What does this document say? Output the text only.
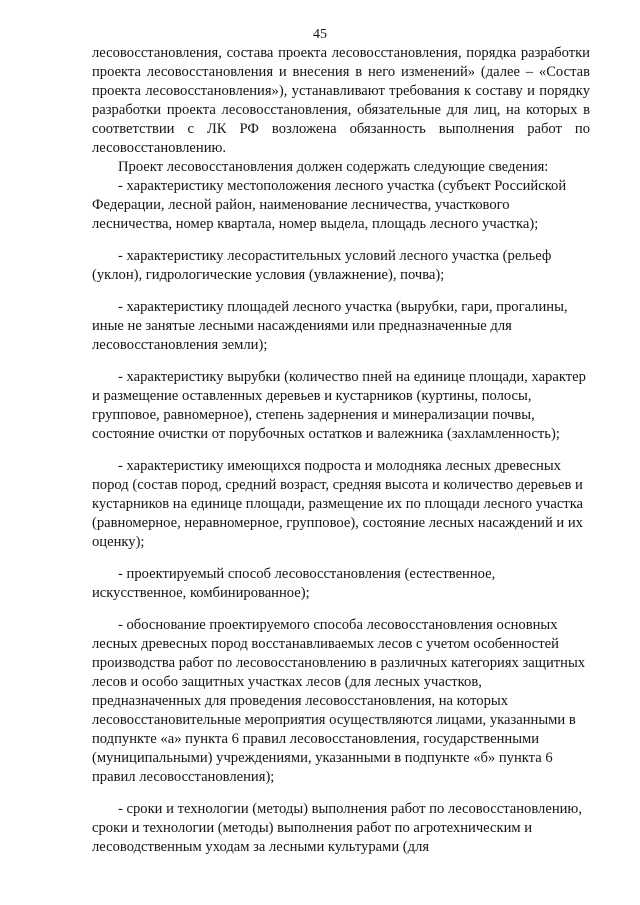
45

лесовосстановления, состава проекта лесовосстановления, порядка разработки проекта лесовосстановления и внесения в него изменений» (далее – «Состав проекта лесовосстановления»), устанавливают требования к составу и порядку разработки проекта лесовосстановления, обязательные для лиц, на которых в соответствии с ЛК РФ возложена обязанность выполнения работ по лесовосстановлению.

Проект лесовосстановления должен содержать следующие сведения:

- характеристику местоположения лесного участка (субъект Российской Федерации, лесной район, наименование лесничества, участкового лесничества, номер квартала, номер выдела, площадь лесного участка);

- характеристику лесорастительных условий лесного участка (рельеф (уклон), гидрологические условия (увлажнение), почва);

- характеристику площадей лесного участка (вырубки, гари, прогалины, иные не занятые лесными насаждениями или предназначенные для лесовосстановления земли);

- характеристику вырубки (количество пней на единице площади, характер и размещение оставленных деревьев и кустарников (куртины, полосы, групповое, равномерное), степень задернения и минерализации почвы, состояние очистки от порубочных остатков и валежника (захламленность);

- характеристику имеющихся подроста и молодняка лесных древесных пород (состав пород, средний возраст, средняя высота и количество деревьев и кустарников на единице площади, размещение их по площади лесного участка (равномерное, неравномерное, групповое), состояние лесных насаждений и их оценку);

- проектируемый способ лесовосстановления (естественное, искусственное, комбинированное);

- обоснование проектируемого способа лесовосстановления основных лесных древесных пород восстанавливаемых лесов с учетом особенностей производства работ по лесовосстановлению в различных категориях защитных лесов и особо защитных участках лесов (для лесных участков, предназначенных для проведения лесовосстановления, на которых лесовосстановительные мероприятия осуществляются лицами, указанными в подпункте «а» пункта 6 правил лесовосстановления, государственными (муниципальными) учреждениями, указанными в подпункте «б» пункта 6 правил лесовосстановления);

- сроки и технологии (методы) выполнения работ по лесовосстановлению, сроки и технологии (методы) выполнения работ по агротехническим и лесоводственным уходам за лесными культурами (для
